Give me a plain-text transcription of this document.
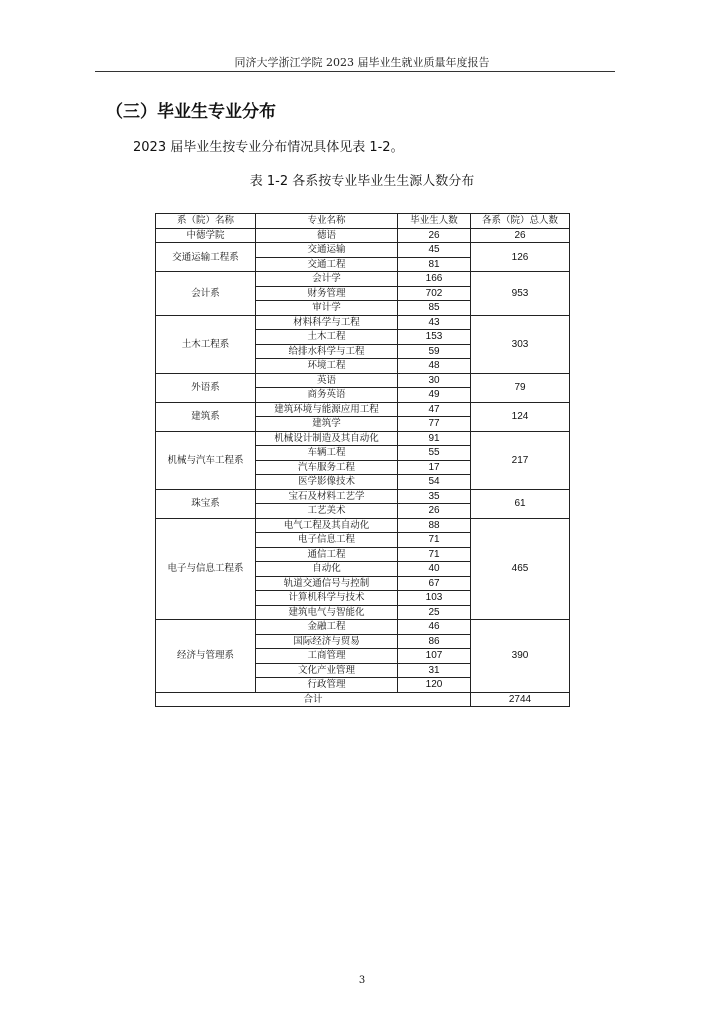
同济大学浙江学院 2023 届毕业生就业质量年度报告
（三）毕业生专业分布
2023 届毕业生按专业分布情况具体见表 1-2。
表 1-2 各系按专业毕业生生源人数分布
系（院）名称	专业名称	毕业生人数	各系（院）总人数
中德学院	德语	26	26
交通运输工程系	交通运输	45	126
	交通工程	81	
会计系	会计学	166	953
	财务管理	702	
	审计学	85	
土木工程系	材料科学与工程	43	303
	土木工程	153	
	给排水科学与工程	59	
	环境工程	48	
外语系	英语	30	79
	商务英语	49	
建筑系	建筑环境与能源应用工程	47	124
	建筑学	77	
机械与汽车工程系	机械设计制造及其自动化	91	217
	车辆工程	55	
	汽车服务工程	17	
	医学影像技术	54	
珠宝系	宝石及材料工艺学	35	61
	工艺美术	26	
电子与信息工程系	电气工程及其自动化	88	465
	电子信息工程	71	
	通信工程	71	
	自动化	40	
	轨道交通信号与控制	67	
	计算机科学与技术	103	
	建筑电气与智能化	25	
经济与管理系	金融工程	46	390
	国际经济与贸易	86	
	工商管理	107	
	文化产业管理	31	
	行政管理	120	
合计			2744
3
